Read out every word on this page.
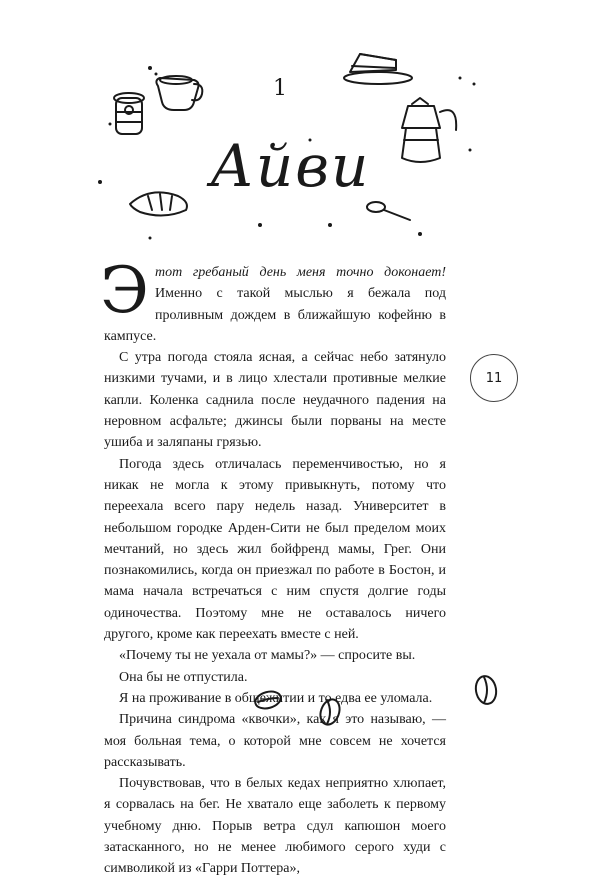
1
Айви
11

Э тот гребаный день меня точно доконает! Именно с такой мыслью я бежала под проливным дождем в ближайшую кофейню в кампусе.

С утра погода стояла ясная, а сейчас небо затянуло низкими тучами, и в лицо хлестали противные мелкие капли. Коленка саднила после неудачного падения на неровном асфальте; джинсы были порваны на месте ушиба и заляпаны грязью.

Погода здесь отличалась переменчивостью, но я никак не могла к этому привыкнуть, потому что переехала всего пару недель назад. Университет в небольшом городке Арден-Сити не был пределом моих мечтаний, но здесь жил бойфренд мамы, Грег. Они познакомились, когда он приезжал по работе в Бостон, и мама начала встречаться с ним спустя долгие годы одиночества. Поэтому мне не оставалось ничего другого, кроме как переехать вместе с ней.

«Почему ты не уехала от мамы?» — спросите вы.

Она бы не отпустила.

Я на проживание в общежитии и то едва ее уломала.

Причина синдрома «квочки», как я это называю, — моя больная тема, о которой мне совсем не хочется рассказывать.

Почувствовав, что в белых кедах неприятно хлюпает, я сорвалась на бег. Не хватало еще заболеть к первому учебному дню. Порыв ветра сдул капюшон моего затасканного, но не менее любимого серого худи с символикой из «Гарри Поттера»,
